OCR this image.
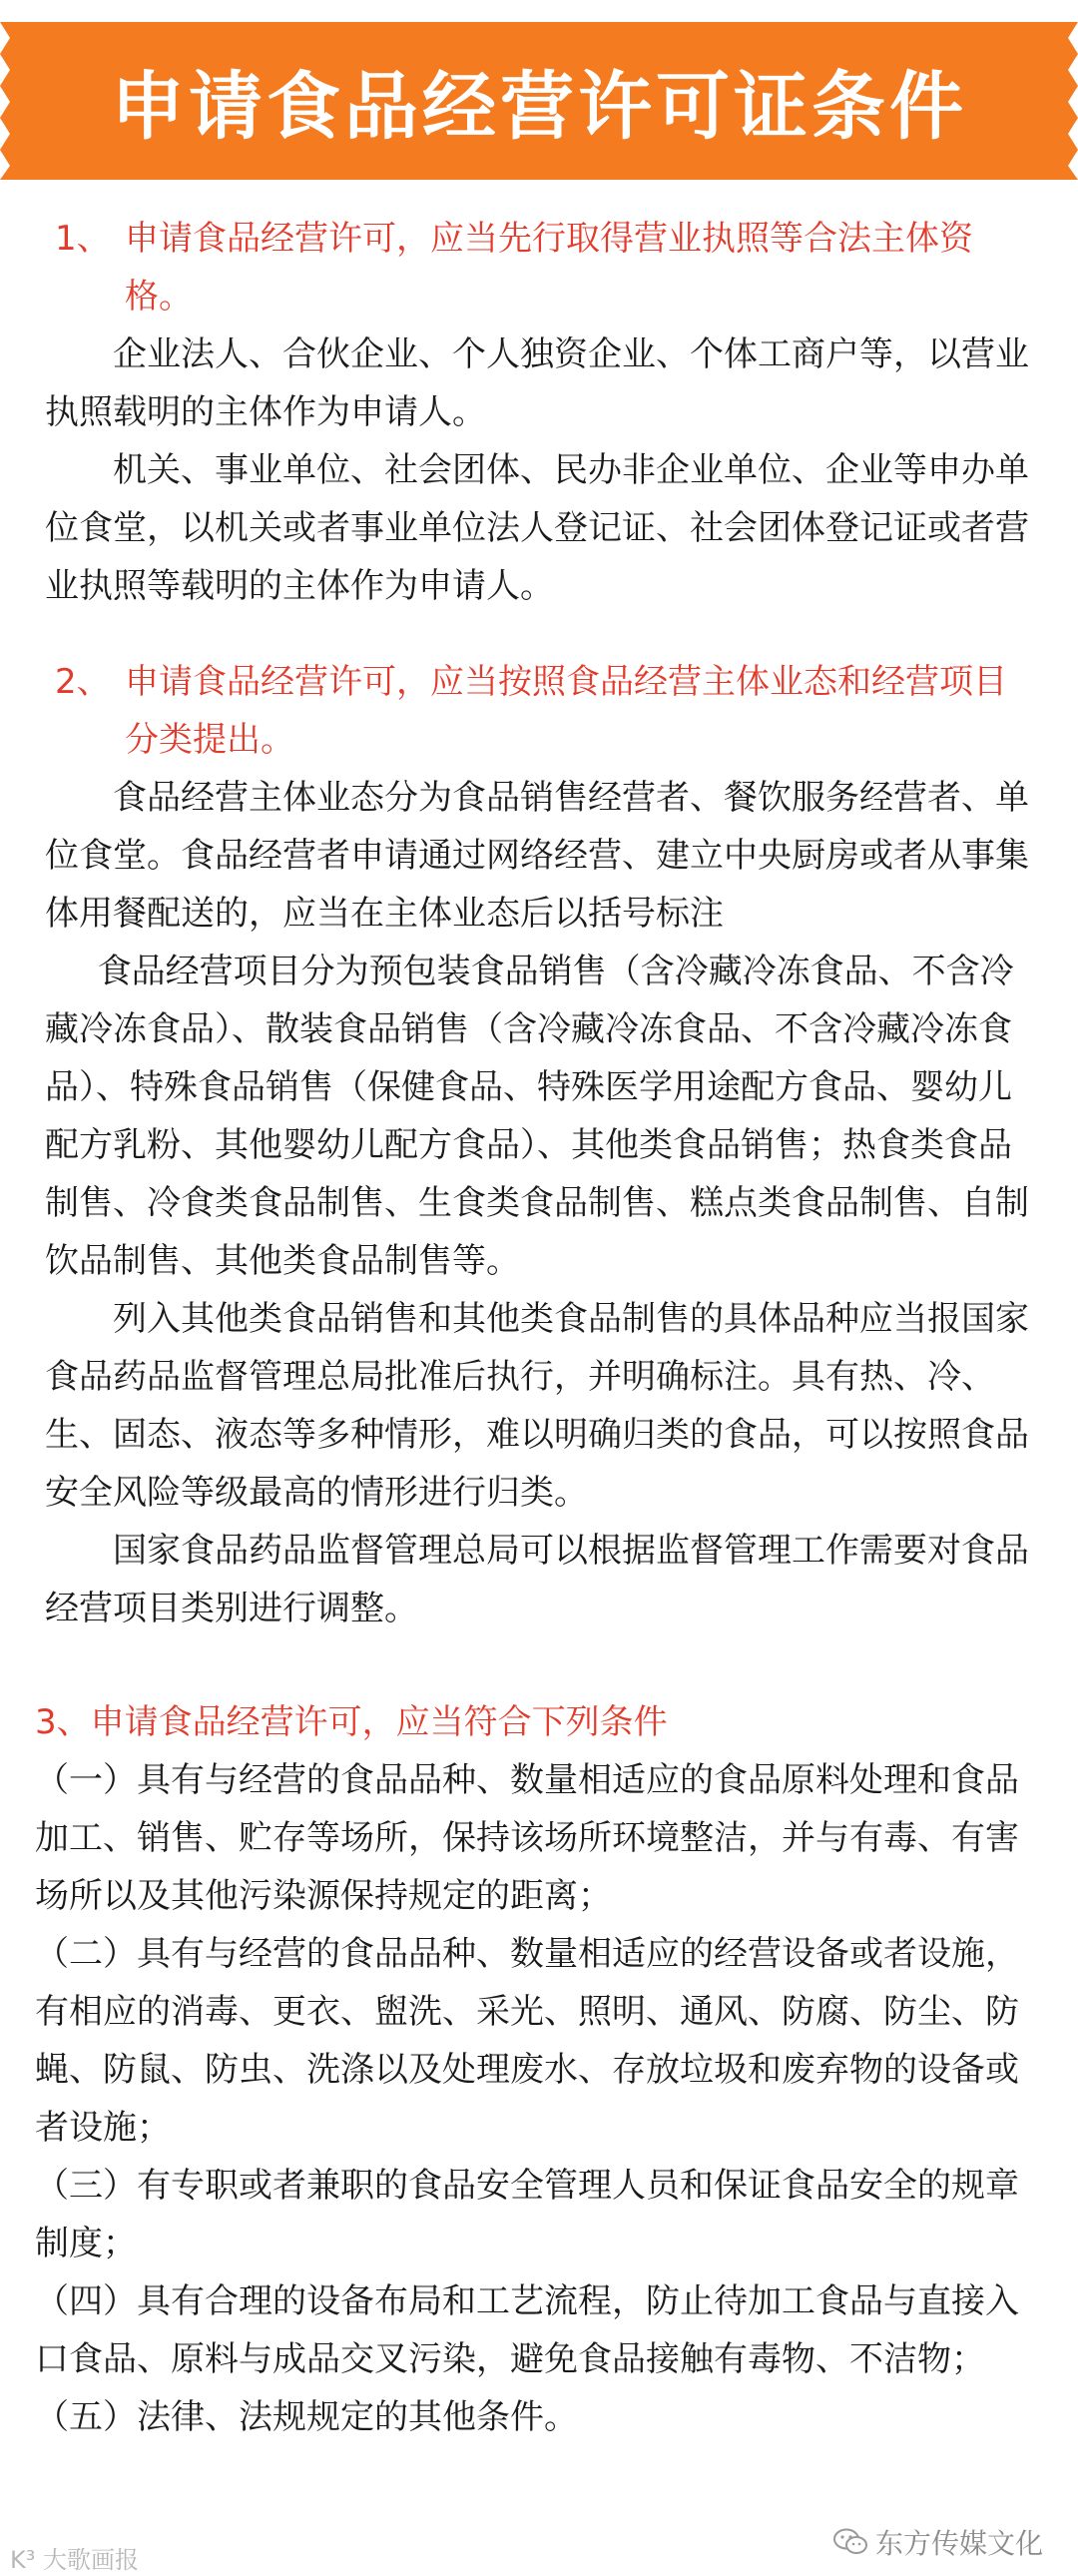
申请食品经营许可证条件
1、 申请食品经营许可，应当先行取得营业执照等合法主体资格。
企业法人、合伙企业、个人独资企业、个体工商户等，以营业执照载明的主体作为申请人。
机关、事业单位、社会团体、民办非企业单位、企业等申办单位食堂，以机关或者事业单位法人登记证、社会团体登记证或者营业执照等载明的主体作为申请人。
2、 申请食品经营许可，应当按照食品经营主体业态和经营项目分类提出。
食品经营主体业态分为食品销售经营者、餐饮服务经营者、单位食堂。食品经营者申请通过网络经营、建立中央厨房或者从事集体用餐配送的，应当在主体业态后以括号标注
食品经营项目分为预包装食品销售（含冷藏冷冻食品、不含冷藏冷冻食品）、散装食品销售（含冷藏冷冻食品、不含冷藏冷冻食品）、特殊食品销售（保健食品、特殊医学用途配方食品、婴幼儿配方乳粉、其他婴幼儿配方食品）、其他类食品销售；热食类食品制售、冷食类食品制售、生食类食品制售、糕点类食品制售、自制饮品制售、其他类食品制售等。
列入其他类食品销售和其他类食品制售的具体品种应当报国家食品药品监督管理总局批准后执行，并明确标注。具有热、冷、生、固态、液态等多种情形，难以明确归类的食品，可以按照食品安全风险等级最高的情形进行归类。
国家食品药品监督管理总局可以根据监督管理工作需要对食品经营项目类别进行调整。
3、申请食品经营许可，应当符合下列条件
（一）具有与经营的食品品种、数量相适应的食品原料处理和食品加工、销售、贮存等场所，保持该场所环境整洁，并与有毒、有害场所以及其他污染源保持规定的距离；
（二）具有与经营的食品品种、数量相适应的经营设备或者设施，有相应的消毒、更衣、盥洗、采光、照明、通风、防腐、防尘、防蝇、防鼠、防虫、洗涤以及处理废水、存放垃圾和废弃物的设备或者设施；
（三）有专职或者兼职的食品安全管理人员和保证食品安全的规章制度；
（四）具有合理的设备布局和工艺流程，防止待加工食品与直接入口食品、原料与成品交叉污染，避免食品接触有毒物、不洁物；
（五）法律、法规规定的其他条件。
K³ 大歌画报	东方传媒文化
